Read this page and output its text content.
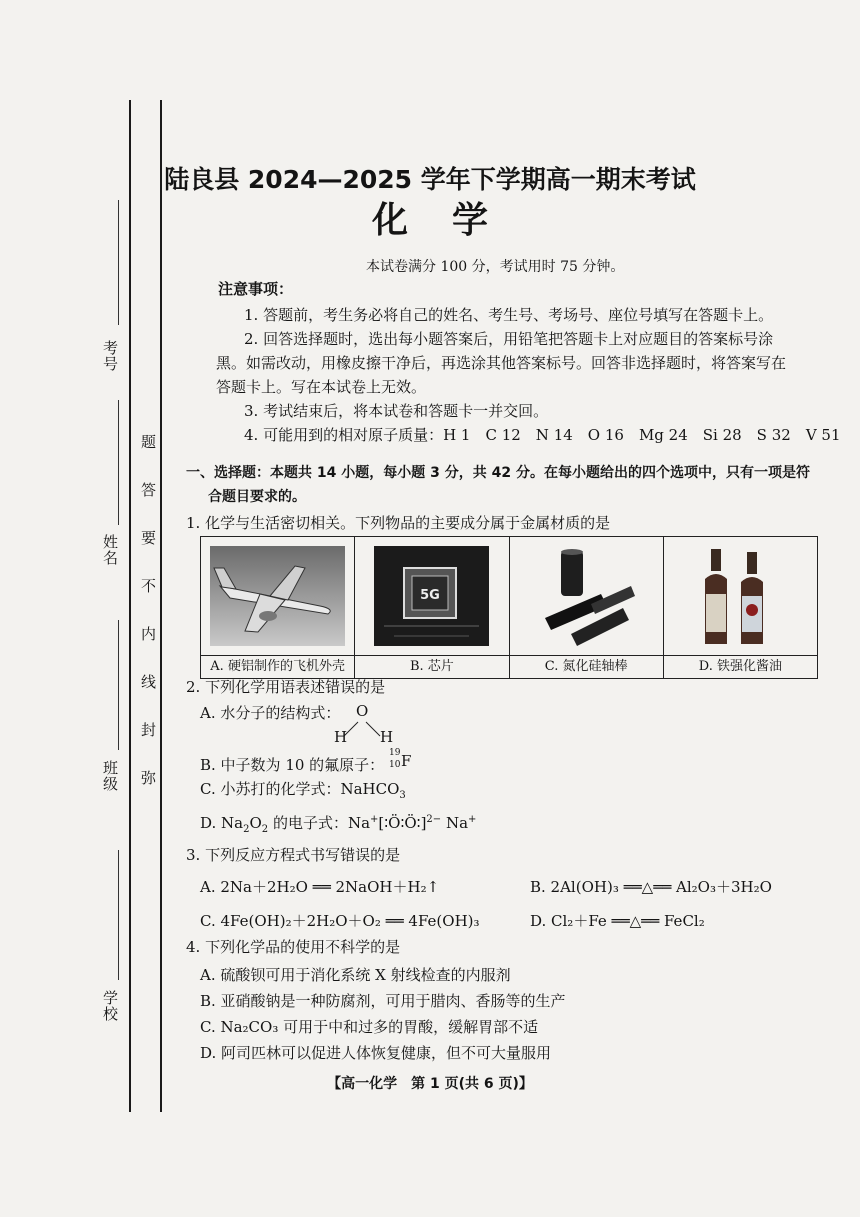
考号
姓名
班级
学校
题
答
要
不
内
线
封
弥
陆良县 2024—2025 学年下学期高一期末考试
化学
本试卷满分 100 分，考试用时 75 分钟。
注意事项：
1. 答题前，考生务必将自己的姓名、考生号、考场号、座位号填写在答题卡上。
2. 回答选择题时，选出每小题答案后，用铅笔把答题卡上对应题目的答案标号涂
黑。如需改动，用橡皮擦干净后，再选涂其他答案标号。回答非选择题时，将答案写在
答题卡上。写在本试卷上无效。
3. 考试结束后，将本试卷和答题卡一并交回。
4. 可能用到的相对原子质量：H 1　C 12　N 14　O 16　Mg 24　Si 28　S 32　V 51
一、选择题：本题共 14 小题，每小题 3 分，共 42 分。在每小题给出的四个选项中，只有一项是符
合题目要求的。
1. 化学与生活密切相关。下列物品的主要成分属于金属材质的是

5G

A. 硬铝制作的飞机外壳	B. 芯片	C. 氮化硅轴棒	D. 铁强化酱油
2. 下列化学用语表述错误的是
A. 水分子的结构式： O
H H
B. 中子数为 10 的氟原子：
19
10 F
C. 小苏打的化学式：NaHCO$_3$
D. $Na_2O_2$ 的电子式：Na+[∶Ö∶Ö∶]$^{2-}$ Na+
3. 下列反应方程式书写错误的是
A. 2Na＋2H₂O ══ 2NaOH＋H₂↑	B. 2Al(OH)₃ ══△══ Al₂O₃＋3H₂O
C. 4Fe(OH)₂＋2H₂O＋O₂ ══ 4Fe(OH)₃	D. Cl₂＋Fe ══△══ FeCl₂
4. 下列化学品的使用不科学的是
A. 硫酸钡可用于消化系统 X 射线检查的内服剂
B. 亚硝酸钠是一种防腐剂，可用于腊肉、香肠等的生产
C. Na₂CO₃ 可用于中和过多的胃酸，缓解胃部不适
D. 阿司匹林可以促进人体恢复健康，但不可大量服用
【高一化学　第 1 页(共 6 页)】
